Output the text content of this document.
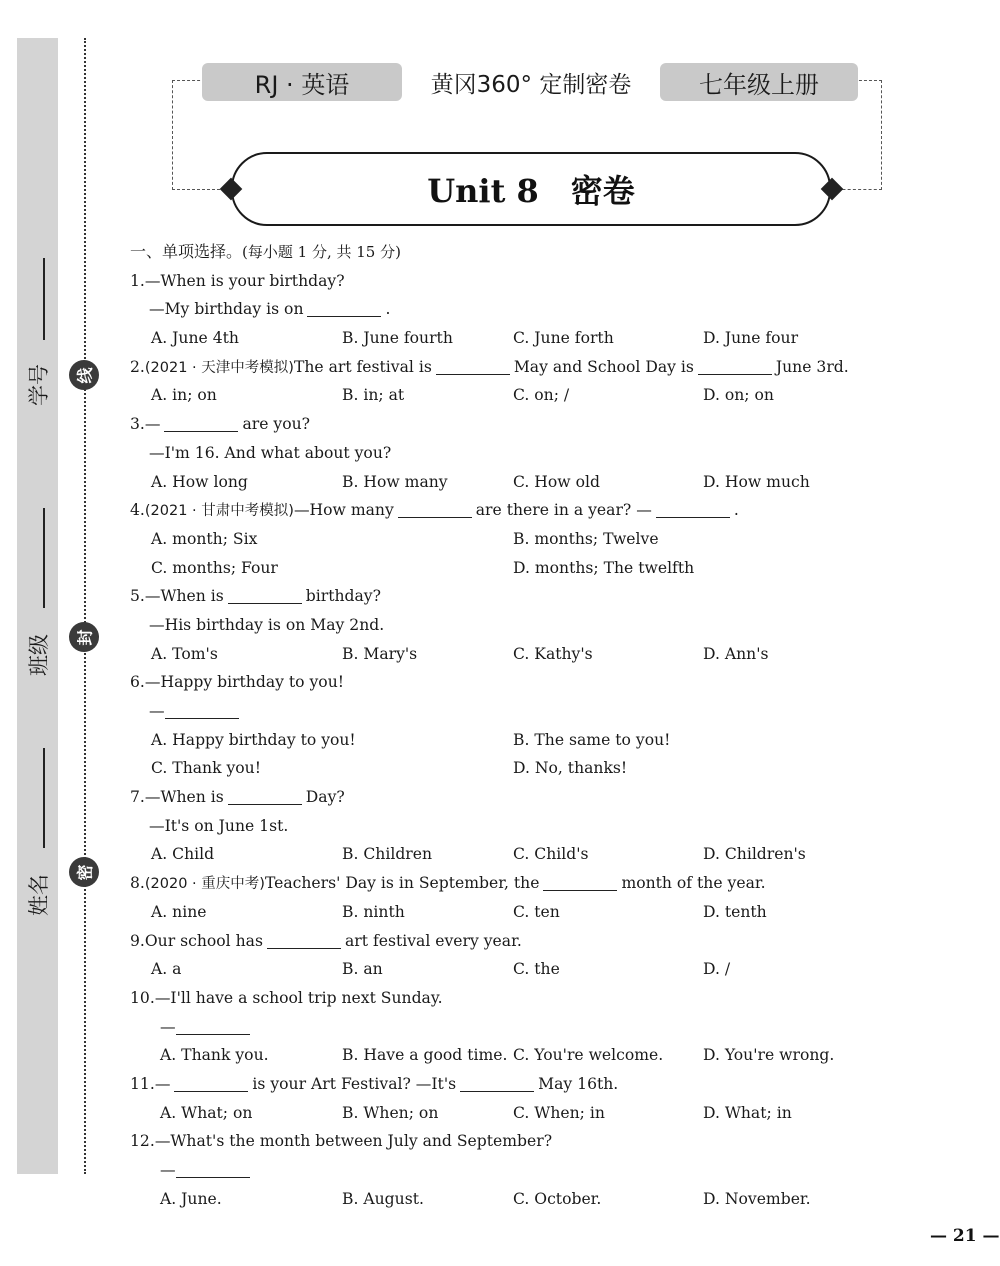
学号
班级
姓名
线
封
密
RJ · 英语	黄冈360° 定制密卷	七年级上册
Unit 8　密卷
一、单项选择。(每小题 1 分, 共 15 分)
1.—When is your birthday?
—My birthday is on	.
A. June 4th	B. June fourth	C. June forth	D. June four
2.(2021 · 天津中考模拟)The art festival is	May and School Day is	June 3rd.
A. in; on	B. in; at	C. on; /	D. on; on
3.—	are you?
—I'm 16. And what about you?
A. How long	B. How many	C. How old	D. How much
4.(2021 · 甘肃中考模拟)—How many	are there in a year? —	.
A. month; Six	B. months; Twelve
C. months; Four	D. months; The twelfth
5.—When is	birthday?
—His birthday is on May 2nd.
A. Tom's	B. Mary's	C. Kathy's	D. Ann's
6.—Happy birthday to you!
—
A. Happy birthday to you!	B. The same to you!
C. Thank you!	D. No, thanks!
7.—When is	Day?
—It's on June 1st.
A. Child	B. Children	C. Child's	D. Children's
8.(2020 · 重庆中考)Teachers' Day is in September, the	month of the year.
A. nine	B. ninth	C. ten	D. tenth
9.Our school has	art festival every year.
A. a	B. an	C. the	D. /
10.—I'll have a school trip next Sunday.
—
A. Thank you.	B. Have a good time. C. You're welcome.	D. You're wrong.
11.—	is your Art Festival? —It's	May 16th.
A. What; on	B. When; on	C. When; in	D. What; in
12.—What's the month between July and September?
—
A. June.	B. August.	C. October.	D. November.
— 21 —
